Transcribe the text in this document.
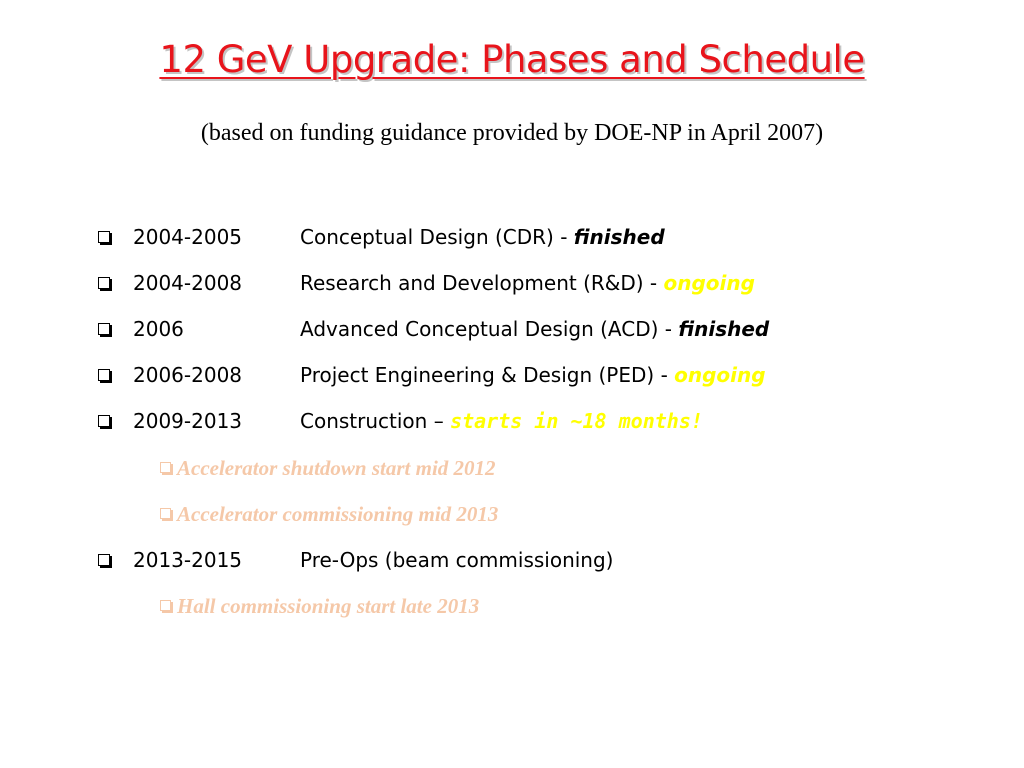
12 GeV Upgrade: Phases and Schedule
(based on funding guidance provided by DOE-NP in April 2007)
2004-2005	Conceptual Design (CDR) - finished
2004-2008	Research and Development (R&D) - ongoing
2006	Advanced Conceptual Design (ACD) - finished
2006-2008	Project Engineering & Design (PED) - ongoing
2009-2013	Construction – starts in ~18 months!
Accelerator shutdown start mid 2012
Accelerator commissioning mid 2013
2013-2015	Pre-Ops (beam commissioning)
Hall commissioning start late 2013
